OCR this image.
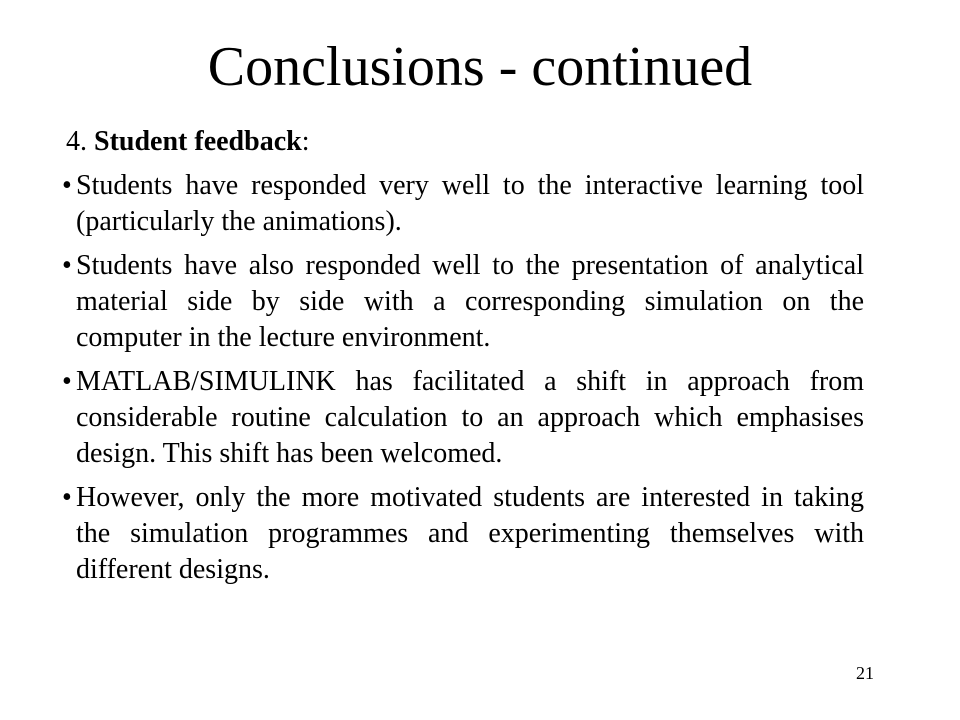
Conclusions - continued
4. Student feedback:
• Students have responded very well to the interactive learning tool (particularly the animations).
• Students have also responded well to the presentation of analytical material side by side with a corresponding simulation on the computer in the lecture environment.
• MATLAB/SIMULINK has facilitated a shift in approach from considerable routine calculation to an approach which emphasises design. This shift has been welcomed.
• However, only the more motivated students are interested in taking the simulation programmes and experimenting themselves with different designs.
21
